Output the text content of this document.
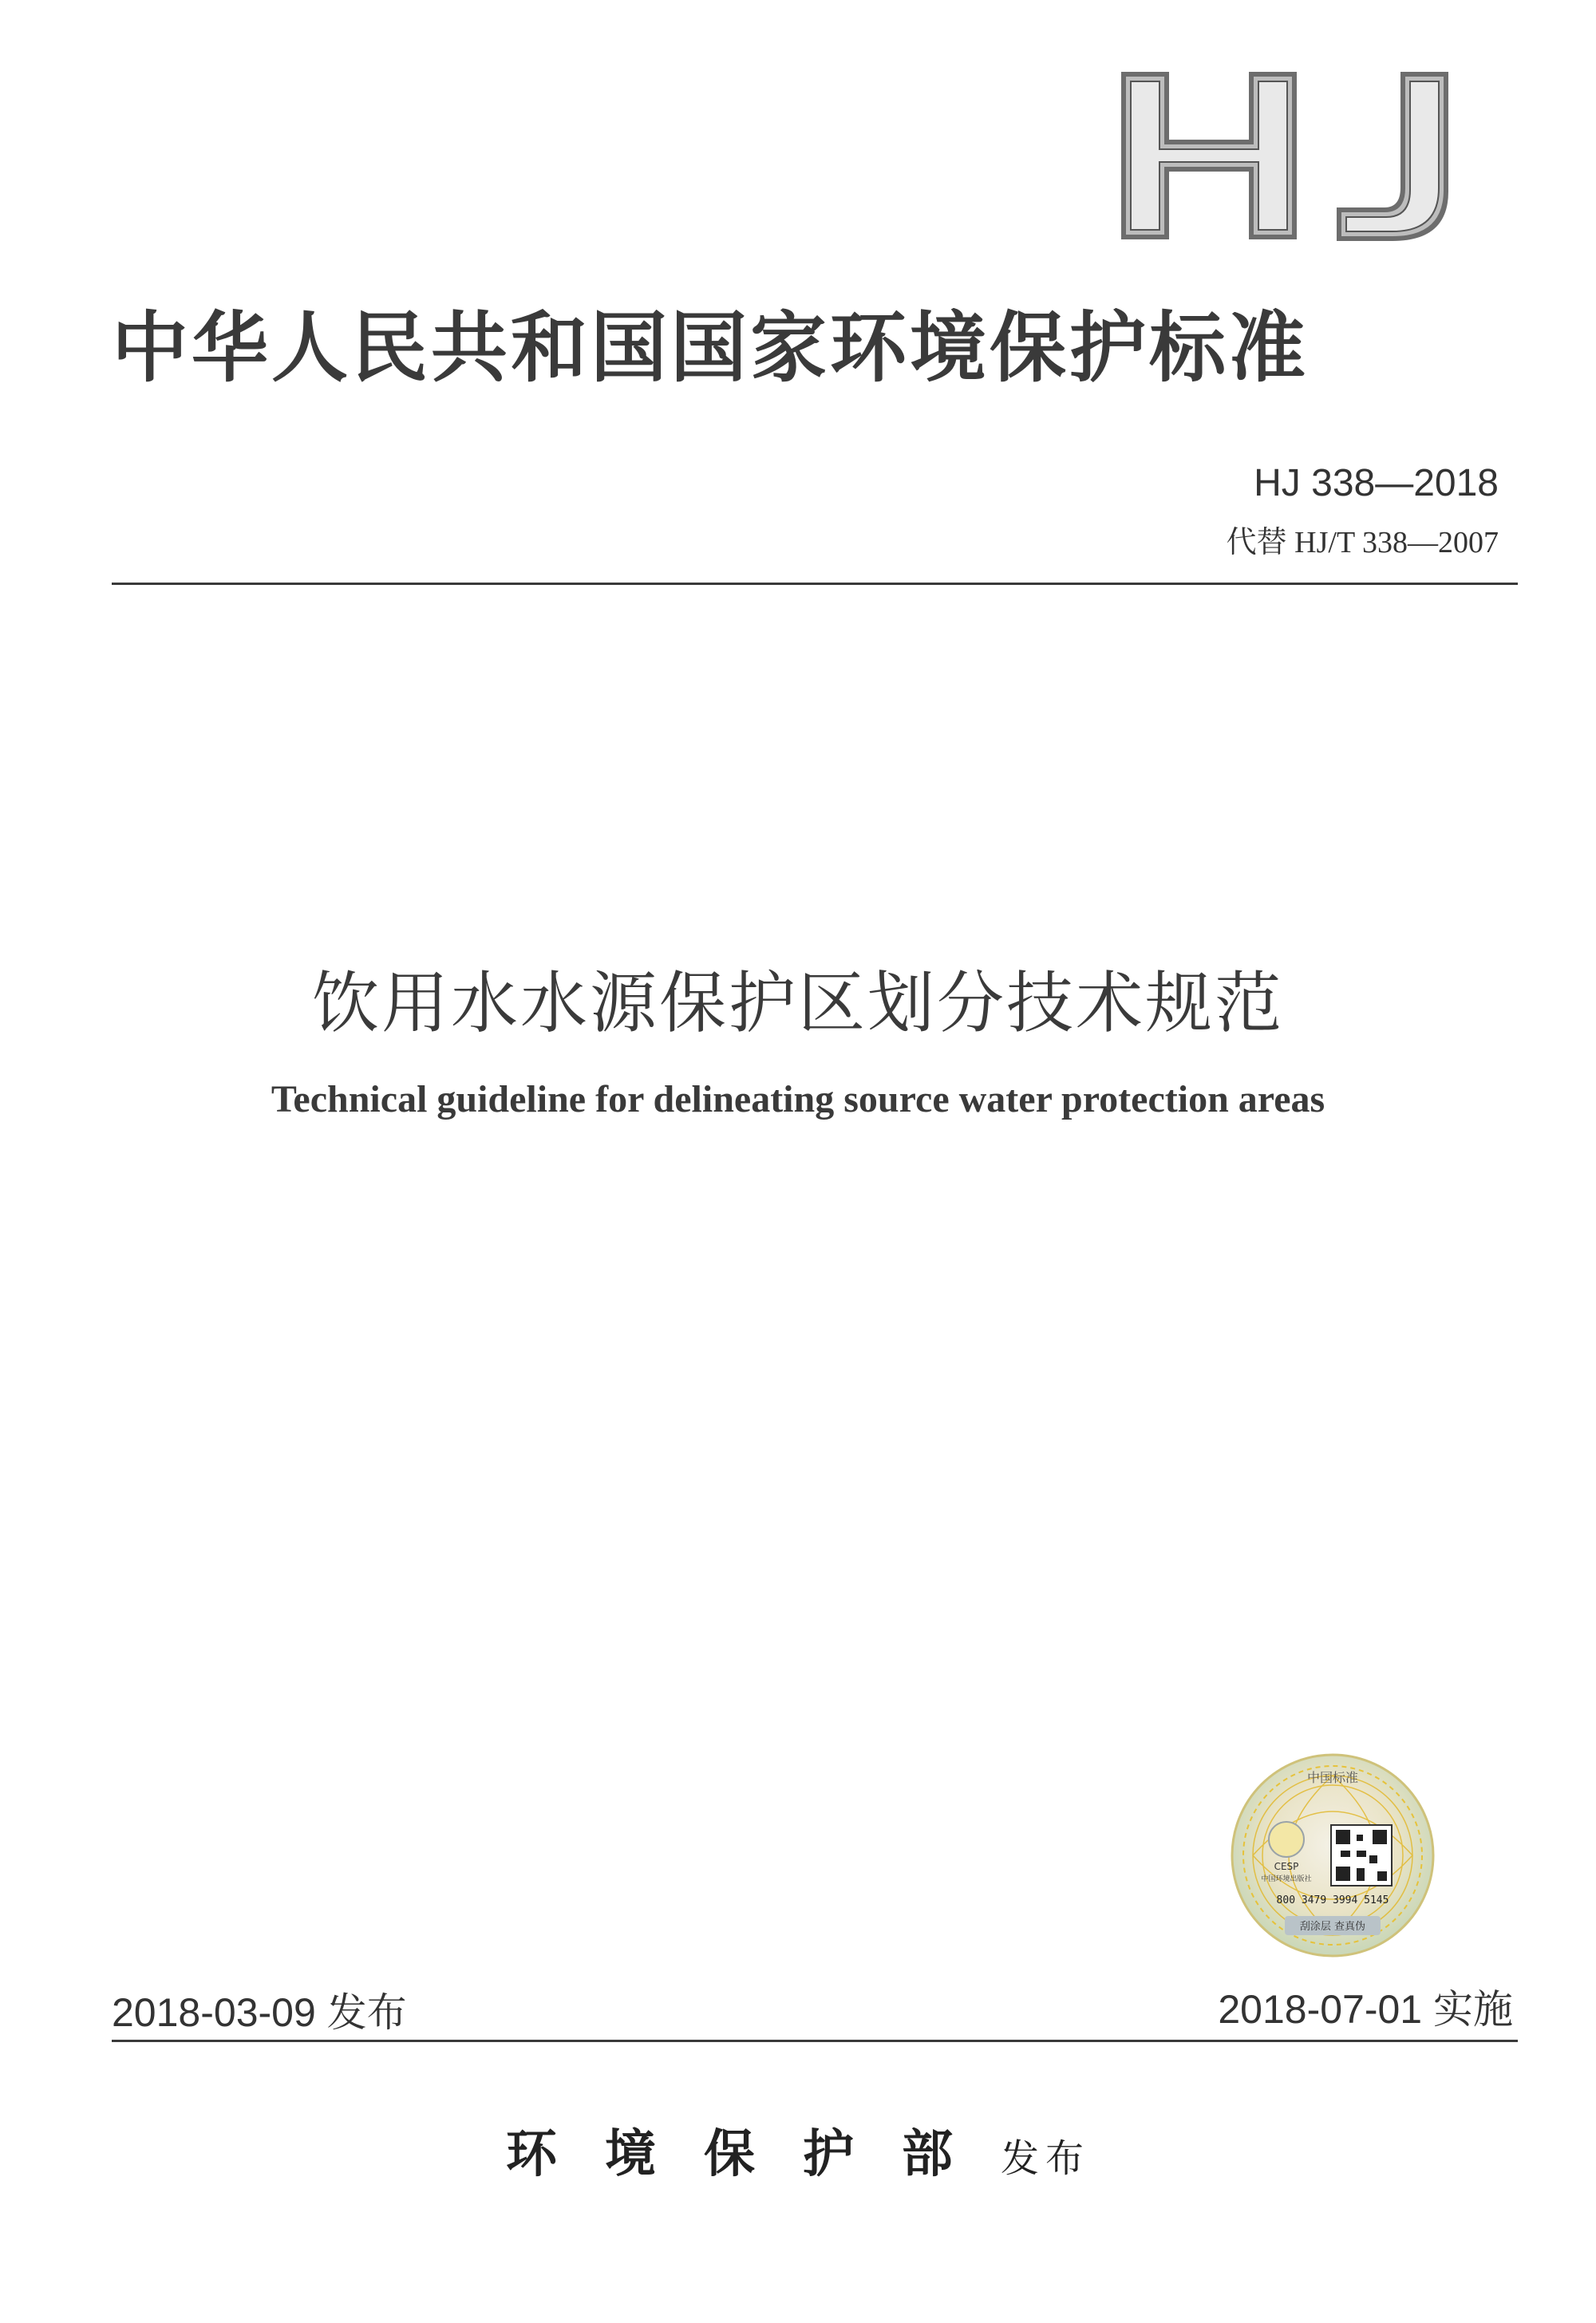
中华人民共和国国家环境保护标准
HJ 338—2018
代替 HJ/T 338—2007
饮用水水源保护区划分技术规范
Technical guideline for delineating source water protection areas
中国标准
CESP
中国环境出版社
800 3479 3994 5145
刮涂层 查真伪
2018-03-09 发布	2018-07-01 实施
环境保护部发布
